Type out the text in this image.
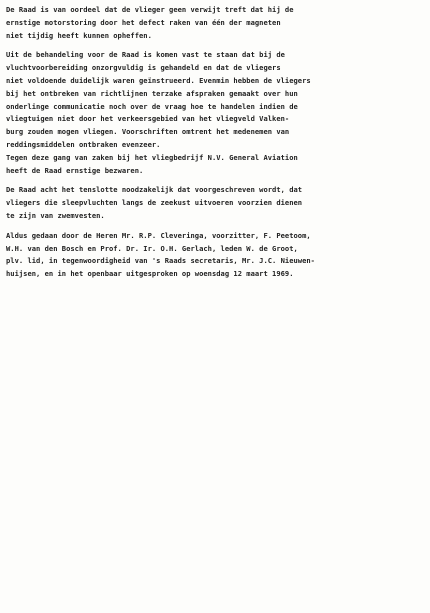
De Raad is van oordeel dat de vlieger geen verwijt treft dat hij de
ernstige motorstoring door het defect raken van één der magneten
niet tijdig heeft kunnen opheffen.
Uit de behandeling voor de Raad is komen vast te staan dat bij de
vluchtvoorbereiding onzorgvuldig is gehandeld en dat de vliegers
niet voldoende duidelijk waren geïnstrueerd. Evenmin hebben de vliegers
bij het ontbreken van richtlijnen terzake afspraken gemaakt over hun
onderlinge communicatie noch over de vraag hoe te handelen indien de
vliegtuigen niet door het verkeersgebied van het vliegveld Valken-
burg zouden mogen vliegen. Voorschriften omtrent het medenemen van
reddingsmiddelen ontbraken evenzeer.
Tegen deze gang van zaken bij het vliegbedrijf N.V. General Aviation
heeft de Raad ernstige bezwaren.
De Raad acht het tenslotte noodzakelijk dat voorgeschreven wordt, dat
vliegers die sleepvluchten langs de zeekust uitvoeren voorzien dienen
te zijn van zwemvesten.
Aldus gedaan door de Heren Mr. R.P. Cleveringa, voorzitter, F. Peetoom,
W.H. van den Bosch en Prof. Dr. Ir. O.H. Gerlach, leden W. de Groot,
plv. lid, in tegenwoordigheid van 's Raads secretaris, Mr. J.C. Nieuwen-
huijsen, en in het openbaar uitgesproken op woensdag 12 maart 1969.
